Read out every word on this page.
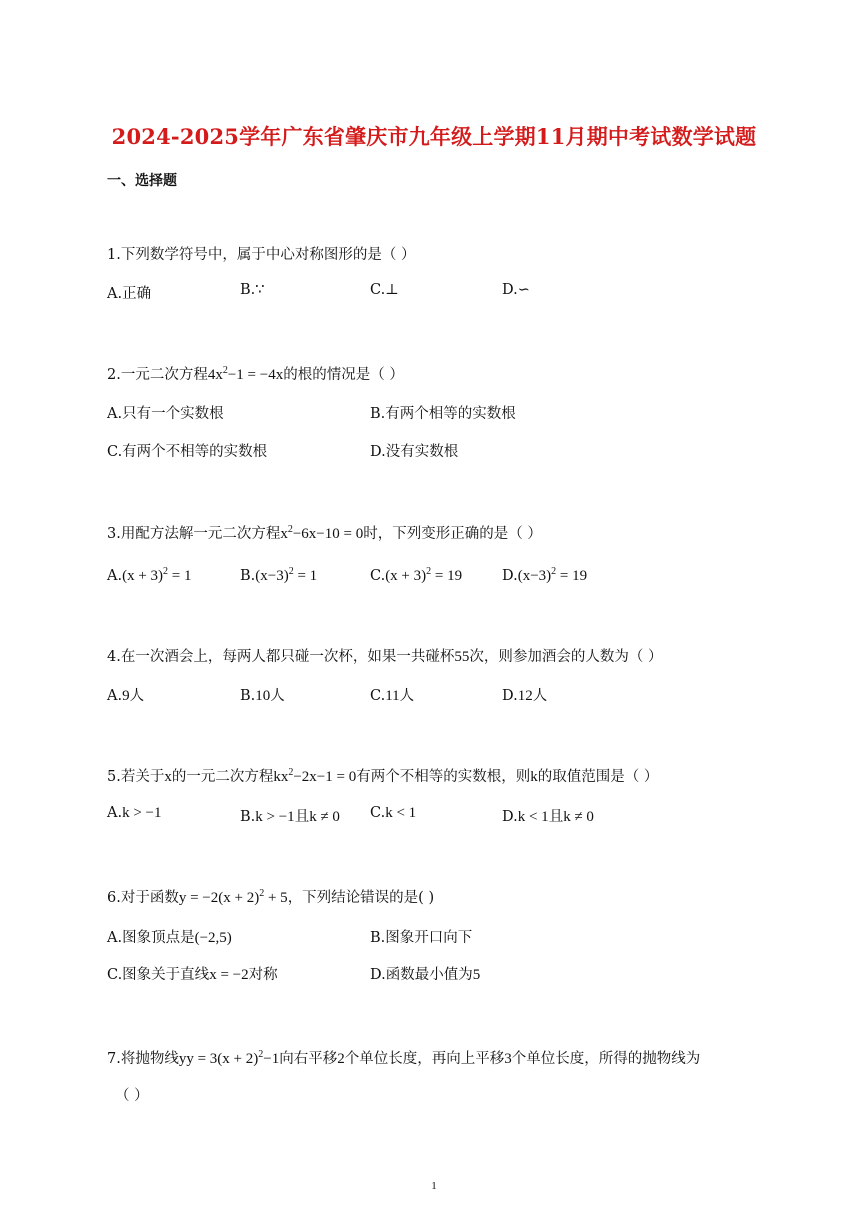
2024-2025学年广东省肇庆市九年级上学期11月期中考试数学试题
一、选择题
1.下列数学符号中，属于中心对称图形的是（ ）
A.正确	B.∵	C.⊥	D.∽
2.一元二次方程$4x^2-1 = -4x$的根的情况是（ ）
A.只有一个实数根	B.有两个相等的实数根
C.有两个不相等的实数根	D.没有实数根
3.用配方法解一元二次方程$x^2-6x-10 = 0$时，下列变形正确的是（ ）
$A.(x + 3)^2 = 1$	$B.(x-3)^2 = 1$	$C.(x + 3)^2 = 19$	$D.(x-3)^2 = 19$
4.在一次酒会上，每两人都只碰一次杯，如果一共碰杯55次，则参加酒会的人数为（ ）
A.9人	B.10人	C.11人	D.12人
5.若关于x的一元二次方程$kx^2-2x-1 = 0$有两个不相等的实数根，则k的取值范围是（ ）
A.k > −1	B.k > −1且k ≠ 0 C.k < 1	D.k < 1且k ≠ 0
6.对于函数$y = -2(x + 2)^2 + 5$，下列结论错误的是( )
A.图象顶点是(−2,5)	B.图象开口向下
C.图象关于直线x = −2对称	D.函数最小值为5
7.将抛物线yy = $3(x + 2)^2-1$向右平移2个单位长度，再向上平移3个单位长度，所得的抛物线为
（ ）
1
